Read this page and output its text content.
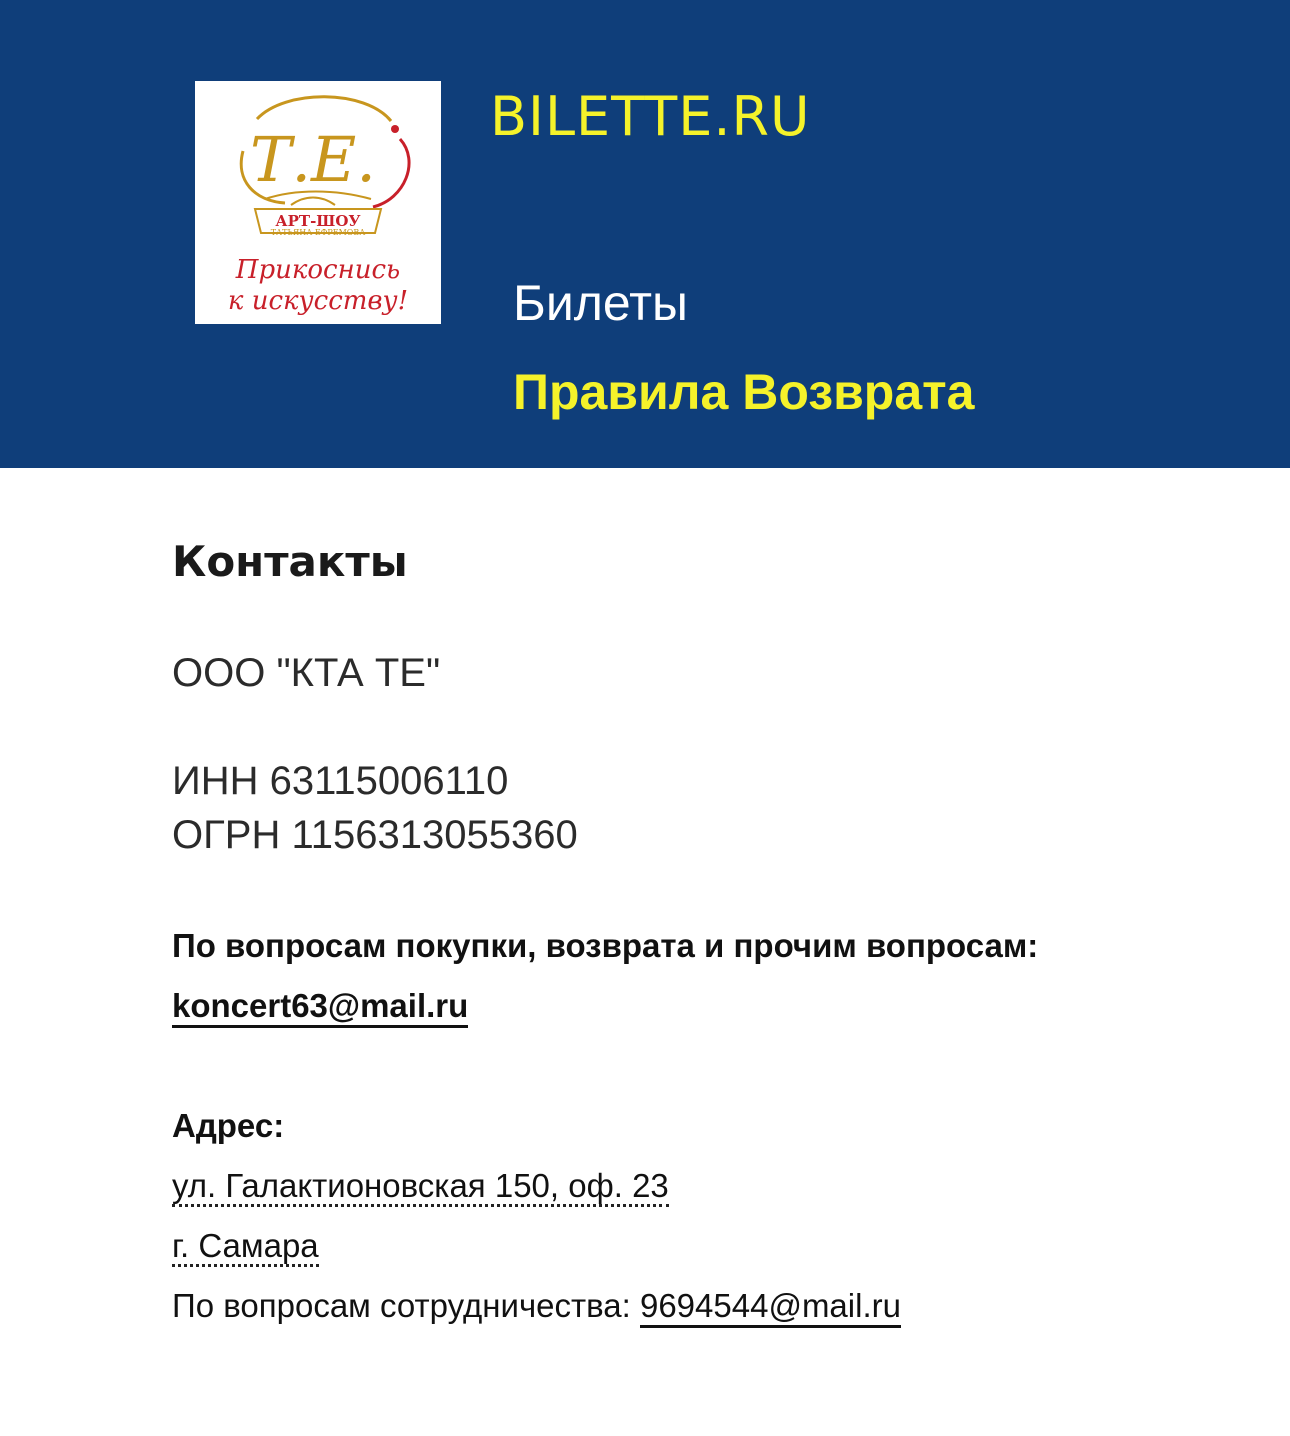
Т.Е.
АРТ-ШОУ
ТАТЬЯНА ЕФРЕМОВА
Прикоснись
к искусству!
BILETTE.RU
Билеты
Правила Возврата
Контакты
ООО "КТА ТЕ"
ИНН 63115006110
ОГРН 1156313055360

По вопросам покупки, возврата и прочим вопросам: koncert63@mail.ru

Адрес:
ул. Галактионовская 150, оф. 23
г. Самара

По вопросам сотрудничества: 9694544@mail.ru
